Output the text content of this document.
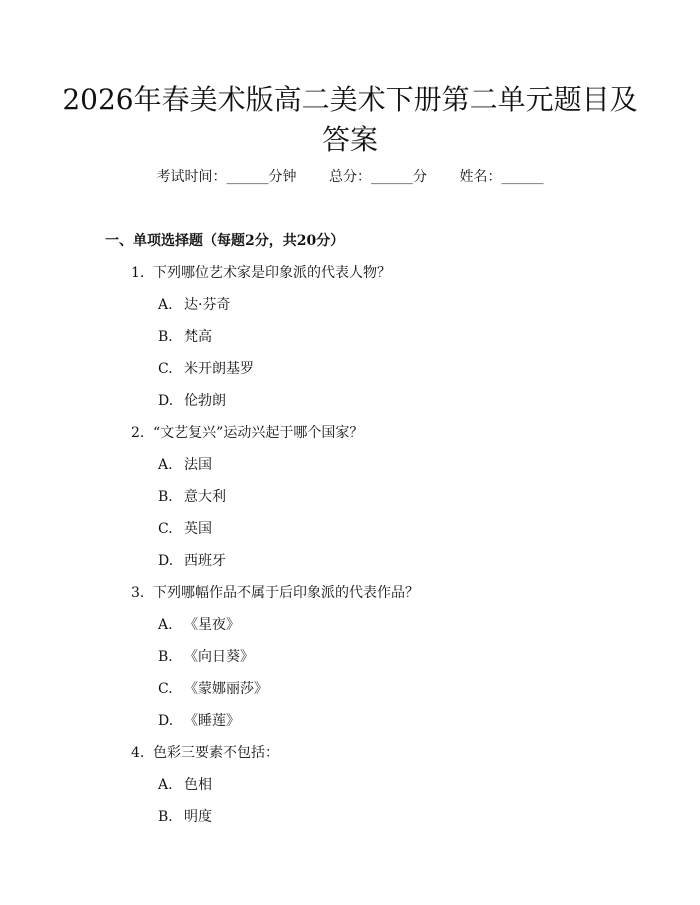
2026年春美术版高二美术下册第二单元题目及答案
考试时间：______分钟 总分：______分 姓名：______
一、单项选择题（每题2分，共20分）
1. 下列哪位艺术家是印象派的代表人物？
A. 达·芬奇
B. 梵高
C. 米开朗基罗
D. 伦勃朗
2. “文艺复兴”运动兴起于哪个国家？
A. 法国
B. 意大利
C. 英国
D. 西班牙
3. 下列哪幅作品不属于后印象派的代表作品？
A. 《星夜》
B. 《向日葵》
C. 《蒙娜丽莎》
D. 《睡莲》
4. 色彩三要素不包括：
A. 色相
B. 明度
